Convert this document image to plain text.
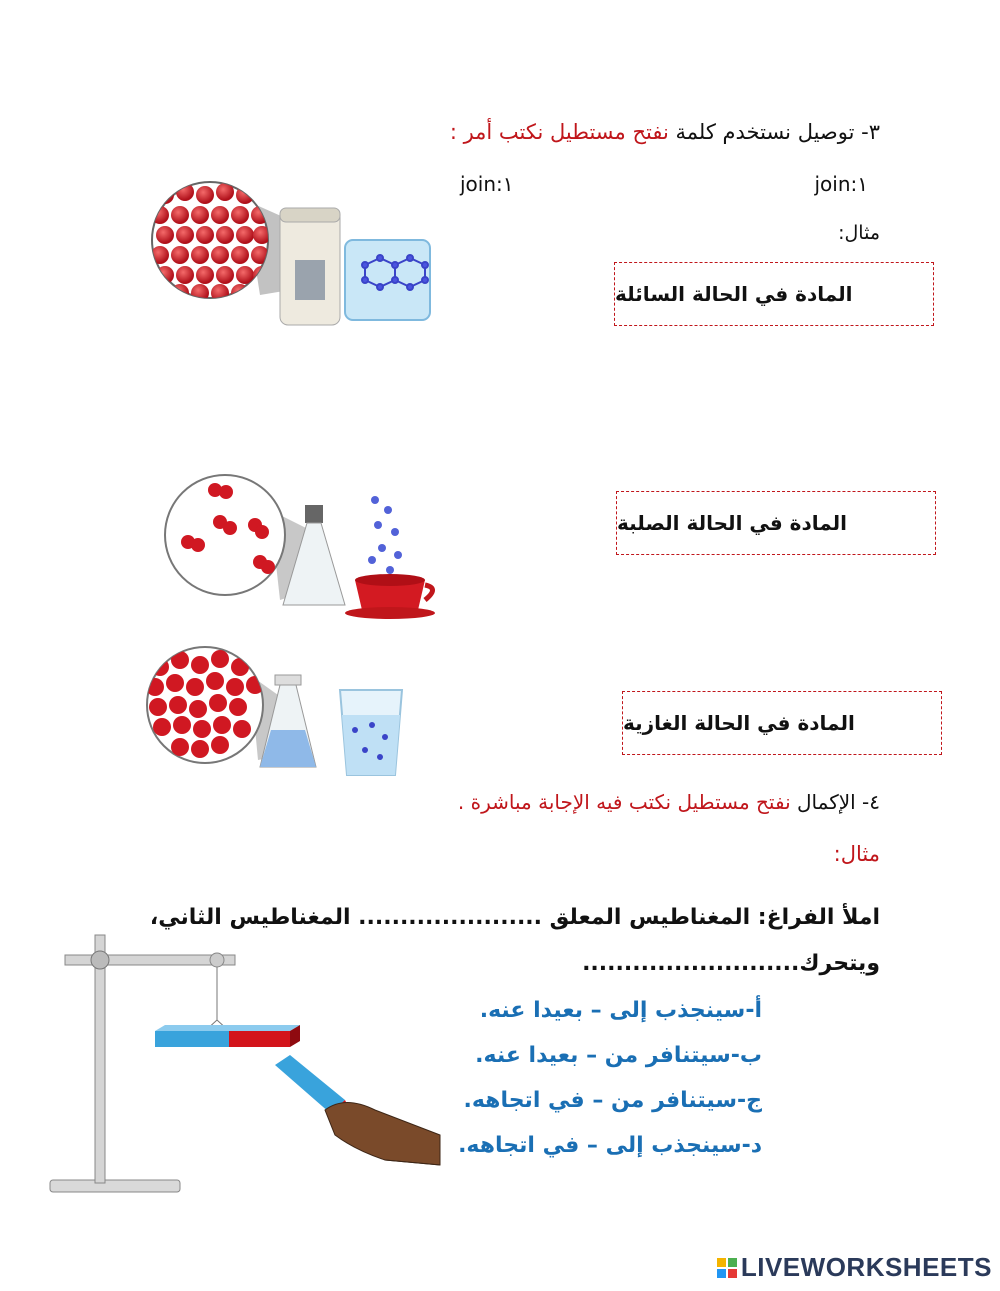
٣- توصيل نستخدم كلمة نفتح مستطيل نكتب أمر :
join:١
join:١
مثال:
المادة في الحالة السائلة
المادة في الحالة الصلبة
المادة في الحالة الغازية
٤- الإكمال نفتح مستطيل نكتب فيه الإجابة مباشرة .
مثال:
املأ الفراغ: المغناطيس المعلق ...................... المغناطيس الثاني،
ويتحرك..........................
أ-سينجذب إلى – بعيدا عنه.
ب-سيتنافر من – بعيدا عنه.
ج-سيتنافر من – في اتجاهه.
د-سينجذب إلى – في اتجاهه.
LIVEWORKSHEETS
